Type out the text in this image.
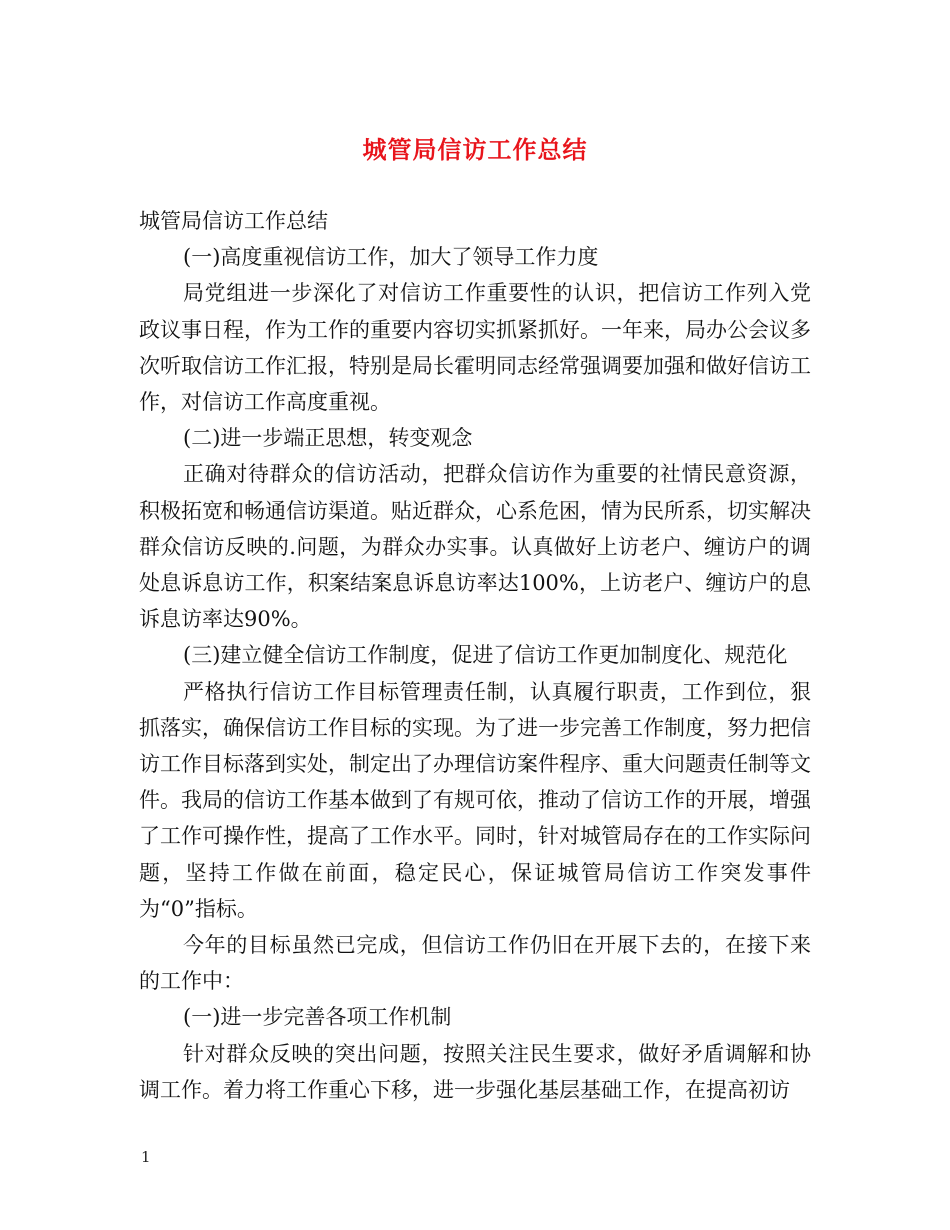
城管局信访工作总结

城管局信访工作总结

(一)高度重视信访工作，加大了领导工作力度

局党组进一步深化了对信访工作重要性的认识，把信访工作列入党政议事日程，作为工作的重要内容切实抓紧抓好。一年来，局办公会议多次听取信访工作汇报，特别是局长霍明同志经常强调要加强和做好信访工作，对信访工作高度重视。

(二)进一步端正思想，转变观念

正确对待群众的信访活动，把群众信访作为重要的社情民意资源，积极拓宽和畅通信访渠道。贴近群众，心系危困，情为民所系，切实解决群众信访反映的.问题，为群众办实事。认真做好上访老户、缠访户的调处息诉息访工作，积案结案息诉息访率达100%，上访老户、缠访户的息诉息访率达90%。

(三)建立健全信访工作制度，促进了信访工作更加制度化、规范化

严格执行信访工作目标管理责任制，认真履行职责，工作到位，狠抓落实，确保信访工作目标的实现。为了进一步完善工作制度，努力把信访工作目标落到实处，制定出了办理信访案件程序、重大问题责任制等文件。我局的信访工作基本做到了有规可依，推动了信访工作的开展，增强了工作可操作性，提高了工作水平。同时，针对城管局存在的工作实际问题，坚持工作做在前面，稳定民心，保证城管局信访工作突发事件为“0”指标。

今年的目标虽然已完成，但信访工作仍旧在开展下去的，在接下来的工作中：

(一)进一步完善各项工作机制

针对群众反映的突出问题，按照关注民生要求，做好矛盾调解和协调工作。着力将工作重心下移，进一步强化基层基础工作，在提高初访

1
